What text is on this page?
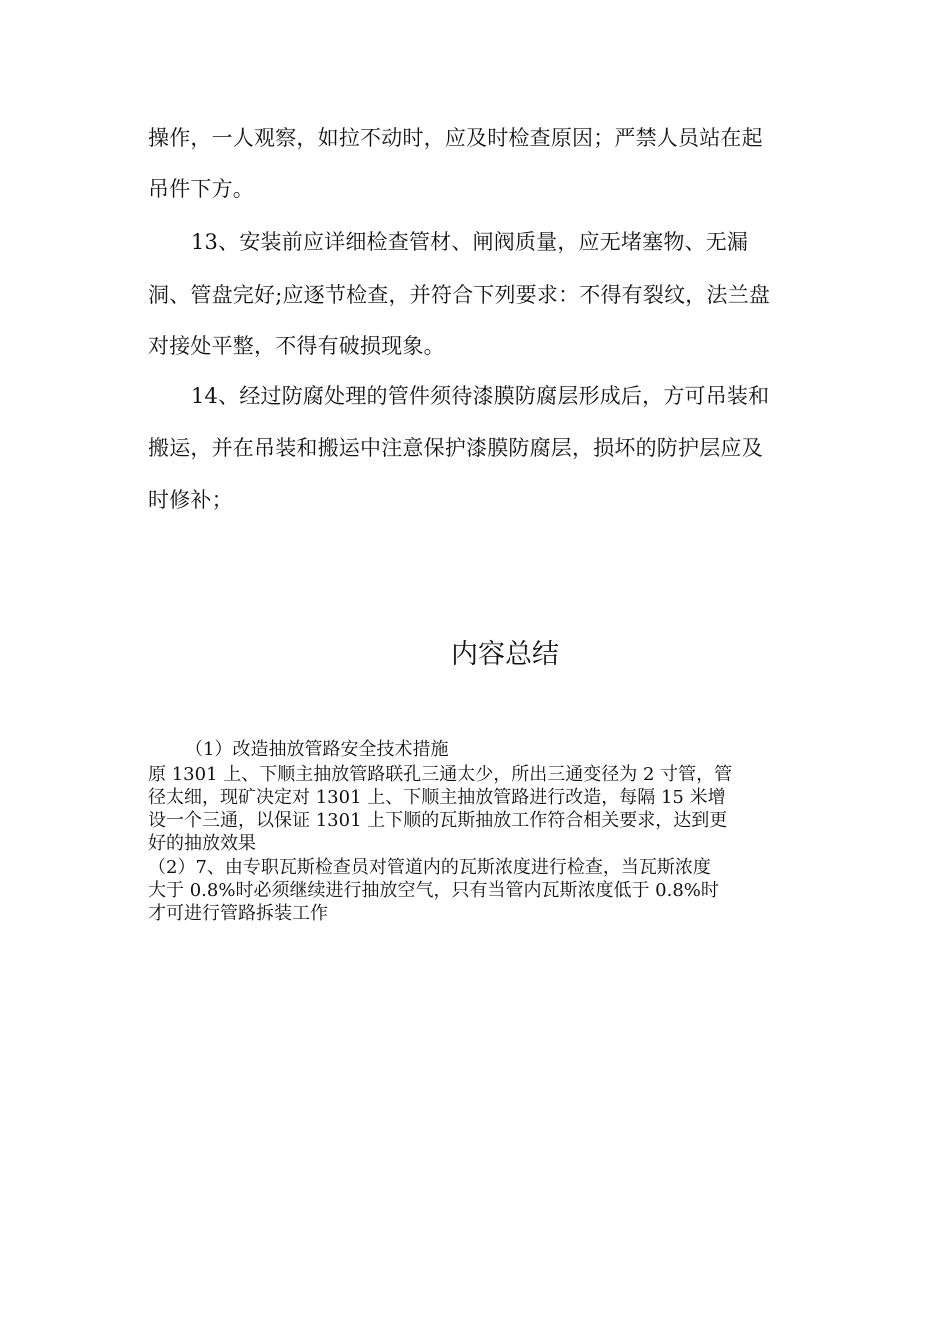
操作，一人观察，如拉不动时，应及时检查原因；严禁人员站在起
吊件下方。
13、安装前应详细检查管材、闸阀质量，应无堵塞物、无漏
洞、管盘完好;应逐节检查，并符合下列要求：不得有裂纹，法兰盘
对接处平整，不得有破损现象。
14、经过防腐处理的管件须待漆膜防腐层形成后，方可吊装和
搬运，并在吊装和搬运中注意保护漆膜防腐层，损坏的防护层应及
时修补；
内容总结
（1）改造抽放管路安全技术措施
原 1301 上、下顺主抽放管路联孔三通太少，所出三通变径为 2 寸管，管
径太细，现矿决定对 1301 上、下顺主抽放管路进行改造，每隔 15 米增
设一个三通，以保证 1301 上下顺的瓦斯抽放工作符合相关要求，达到更
好的抽放效果
（2）7、由专职瓦斯检查员对管道内的瓦斯浓度进行检查，当瓦斯浓度
大于 0.8%时必须继续进行抽放空气，只有当管内瓦斯浓度低于 0.8%时
才可进行管路拆装工作
